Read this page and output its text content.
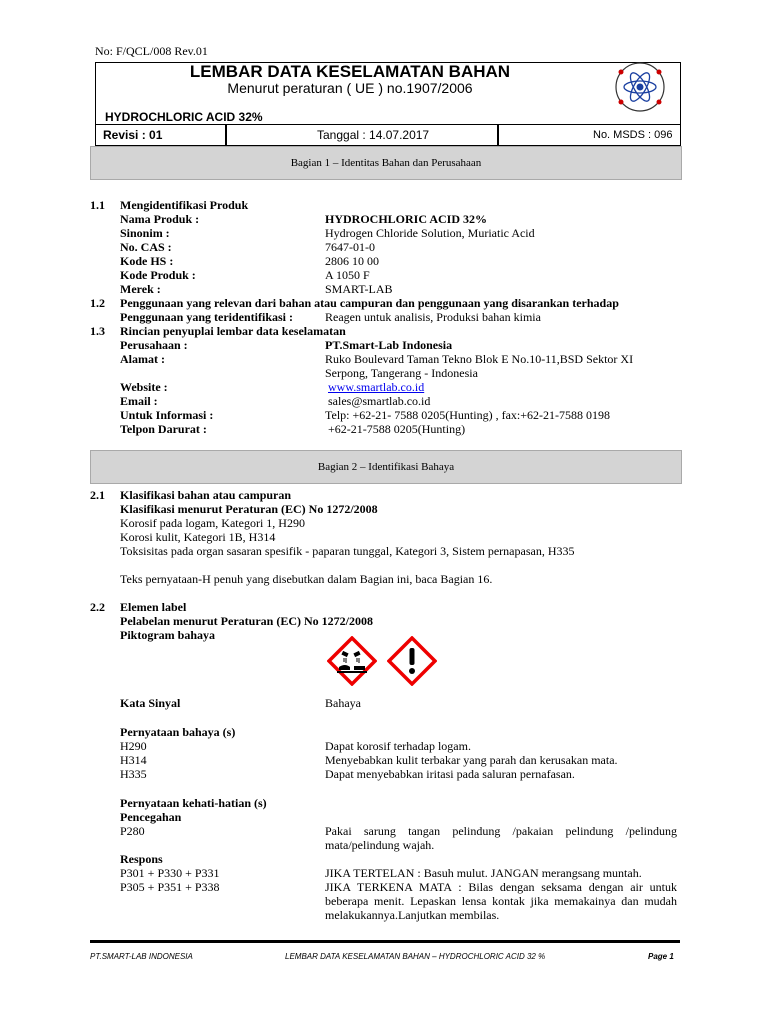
No: F/QCL/008 Rev.01
LEMBAR DATA KESELAMATAN BAHAN
Menurut peraturan ( UE ) no.1907/2006
HYDROCHLORIC ACID 32%
Revisi : 01	Tanggal : 14.07.2017	No. MSDS : 096
Bagian 1 – Identitas Bahan dan Perusahaan
1.1 Mengidentifikasi Produk
Nama Produk :	HYDROCHLORIC ACID 32%
Sinonim :	Hydrogen Chloride Solution, Muriatic Acid
No. CAS :	7647-01-0
Kode HS :	2806 10 00
Kode Produk :	A 1050 F
Merek :	SMART-LAB
1.2 Penggunaan yang relevan dari bahan atau campuran dan penggunaan yang disarankan terhadap
Penggunaan yang teridentifikasi :	Reagen untuk analisis, Produksi bahan kimia
1.3 Rincian penyuplai lembar data keselamatan
Perusahaan :	PT.Smart-Lab Indonesia
Alamat :	Ruko Boulevard Taman Tekno Blok E No.10-11,BSD Sektor XI
Serpong, Tangerang - Indonesia
Website :	www.smartlab.co.id
Email :	sales@smartlab.co.id
Untuk Informasi :	Telp: +62-21- 7588 0205(Hunting) , fax:+62-21-7588 0198
Telpon Darurat :	+62-21-7588 0205(Hunting)
Bagian 2 – Identifikasi Bahaya
2.1 Klasifikasi bahan atau campuran
Klasifikasi menurut Peraturan (EC) No 1272/2008
Korosif pada logam, Kategori 1, H290
Korosi kulit, Kategori 1B, H314
Toksisitas pada organ sasaran spesifik - paparan tunggal, Kategori 3, Sistem pernapasan, H335
Teks pernyataan-H penuh yang disebutkan dalam Bagian ini, baca Bagian 16.
2.2 Elemen label
Pelabelan menurut Peraturan (EC) No 1272/2008
Piktogram bahaya
Kata Sinyal	Bahaya
Pernyataan bahaya (s)
H290	Dapat korosif terhadap logam.
H314	Menyebabkan kulit terbakar yang parah dan kerusakan mata.
H335	Dapat menyebabkan iritasi pada saluran pernafasan.
Pernyataan kehati-hatian (s)
Pencegahan
P280	Pakai sarung tangan pelindung /pakaian pelindung /pelindung mata/pelindung wajah.
Respons
P301 + P330 + P331	JIKA TERTELAN : Basuh mulut. JANGAN merangsang muntah.
P305 + P351 + P338	JIKA TERKENA MATA : Bilas dengan seksama dengan air untuk beberapa menit. Lepaskan lensa kontak jika memakainya dan mudah melakukannya.Lanjutkan membilas.
PT.SMART-LAB INDONESIA	LEMBAR DATA KESELAMATAN BAHAN – HYDROCHLORIC ACID 32 %	Page 1
